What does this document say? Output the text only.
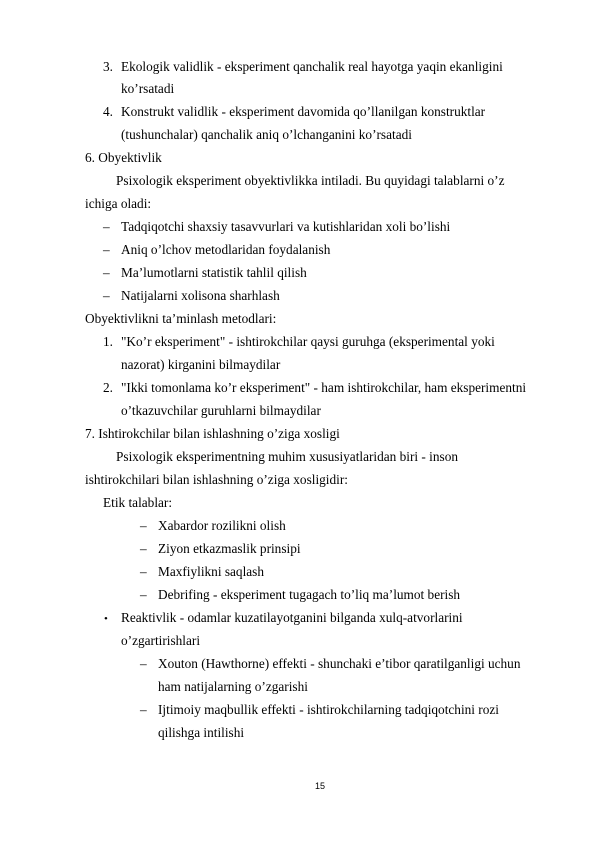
3. Ekologik validlik - eksperiment qanchalik real hayotga yaqin ekanligini
ko’rsatadi
4. Konstrukt validlik - eksperiment davomida qo’llanilgan konstruktlar
(tushunchalar) qanchalik aniq o’lchanganini ko’rsatadi
6. Obyektivlik
Psixologik eksperiment obyektivlikka intiladi. Bu quyidagi talablarni o’z
ichiga oladi:
– Tadqiqotchi shaxsiy tasavvurlari va kutishlaridan xoli bo’lishi
– Aniq o’lchov metodlaridan foydalanish
– Ma’lumotlarni statistik tahlil qilish
– Natijalarni xolisona sharhlash
Obyektivlikni ta’minlash metodlari:
1. "Ko’r eksperiment" - ishtirokchilar qaysi guruhga (eksperimental yoki
nazorat) kirganini bilmaydilar
2. "Ikki tomonlama ko’r eksperiment" - ham ishtirokchilar, ham eksperimentni
o’tkazuvchilar guruhlarni bilmaydilar
7. Ishtirokchilar bilan ishlashning o’ziga xosligi
Psixologik eksperimentning muhim xususiyatlaridan biri - inson
ishtirokchilari bilan ishlashning o’ziga xosligidir:
Etik talablar:
– Xabardor rozilikni olish
– Ziyon etkazmaslik prinsipi
– Maxfiylikni saqlash
– Debrifing - eksperiment tugagach to’liq ma’lumot berish
• Reaktivlik - odamlar kuzatilayotganini bilganda xulq-atvorlarini
o’zgartirishlari
– Xouton (Hawthorne) effekti - shunchaki e’tibor qaratilganligi uchun
ham natijalarning o’zgarishi
– Ijtimoiy maqbullik effekti - ishtirokchilarning tadqiqotchini rozi
qilishga intilishi
15
